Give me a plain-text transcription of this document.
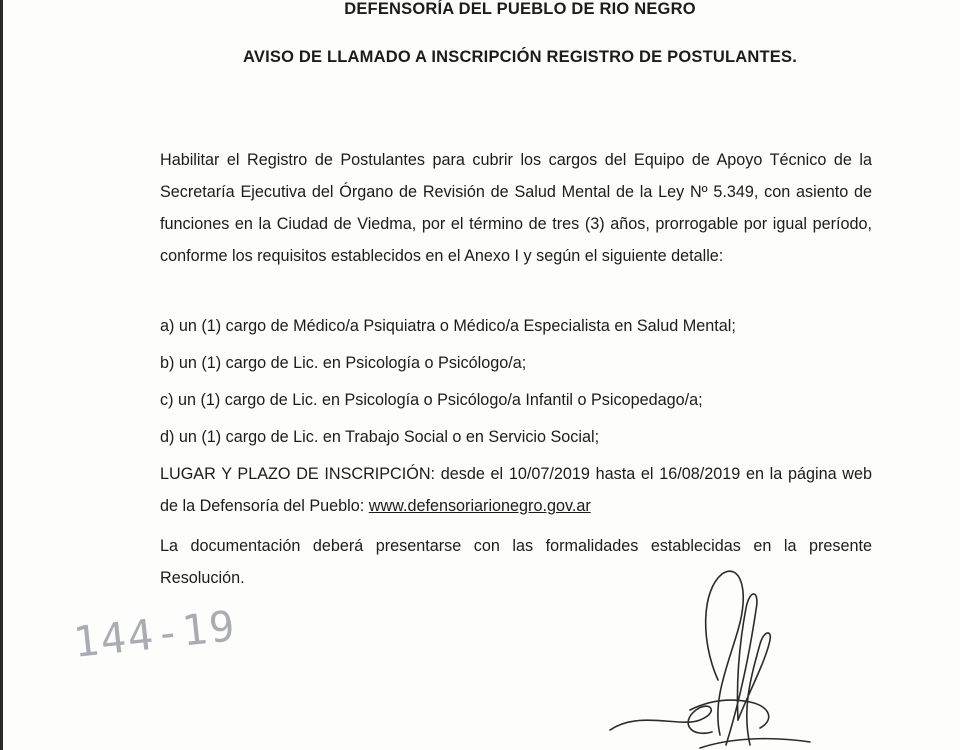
DEFENSORÍA DEL PUEBLO DE RIO NEGRO
AVISO DE LLAMADO A INSCRIPCIÓN REGISTRO DE POSTULANTES.

Habilitar el Registro de Postulantes para cubrir los cargos del Equipo de Apoyo Técnico de la Secretaría Ejecutiva del Órgano de Revisión de Salud Mental de la Ley Nº 5.349, con asiento de funciones en la Ciudad de Viedma, por el término de tres (3) años, prorrogable por igual período, conforme los requisitos establecidos en el Anexo I y según el siguiente detalle:

a) un (1) cargo de Médico/a Psiquiatra o Médico/a Especialista en Salud Mental;

b) un (1) cargo de Lic. en Psicología o Psicólogo/a;

c) un (1) cargo de Lic. en Psicología o Psicólogo/a Infantil o Psicopedago/a;

d) un (1) cargo de Lic. en Trabajo Social o en Servicio Social;

LUGAR Y PLAZO DE INSCRIPCIÓN: desde el 10/07/2019 hasta el 16/08/2019 en la página web de la Defensoría del Pueblo: www.defensoriarionegro.gov.ar

La documentación deberá presentarse con las formalidades establecidas en la presente Resolución.

144-19
